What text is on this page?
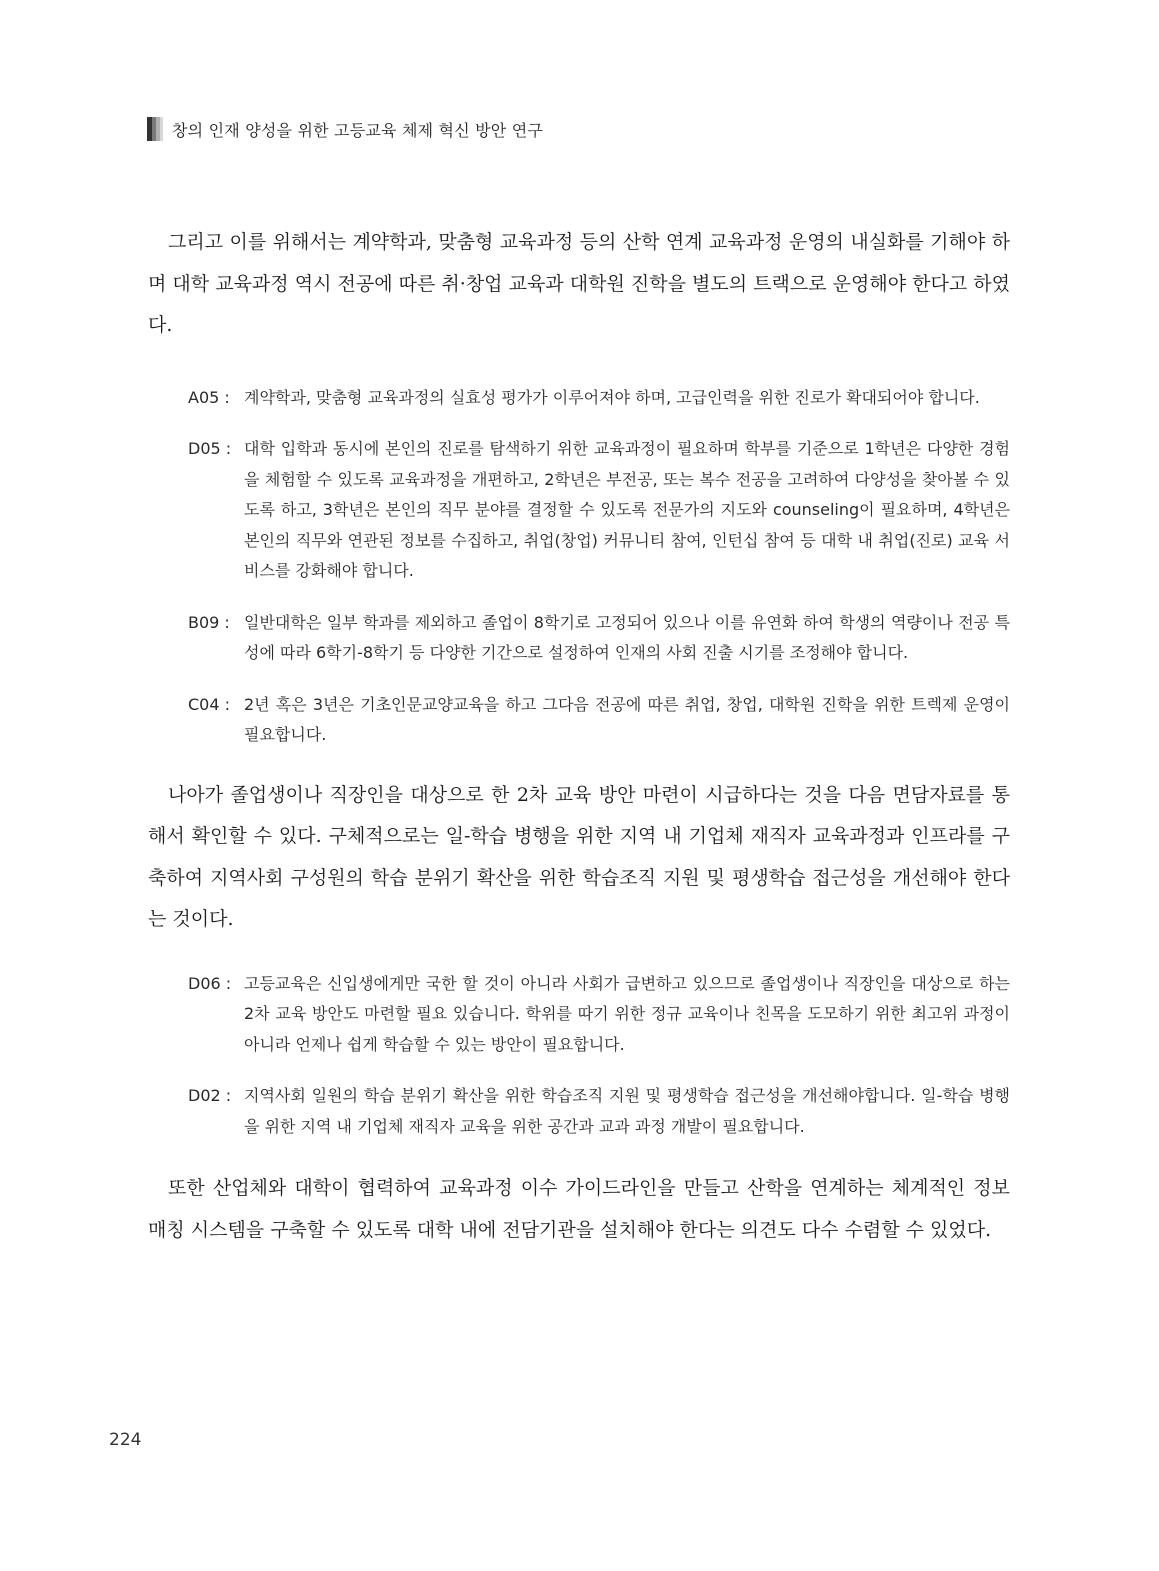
창의 인재 양성을 위한 고등교육 체제 혁신 방안 연구

그리고 이를 위해서는 계약학과, 맞춤형 교육과정 등의 산학 연계 교육과정 운영의 내실화를 기해야 하며 대학 교육과정 역시 전공에 따른 취·창업 교육과 대학원 진학을 별도의 트랙으로 운영해야 한다고 하였다.

A05 : 계약학과, 맞춤형 교육과정의 실효성 평가가 이루어져야 하며, 고급인력을 위한 진로가 확대되어야 합니다.
D05 : 대학 입학과 동시에 본인의 진로를 탐색하기 위한 교육과정이 필요하며 학부를 기준으로 1학년은 다양한 경험을 체험할 수 있도록 교육과정을 개편하고, 2학년은 부전공, 또는 복수 전공을 고려하여 다양성을 찾아볼 수 있도록 하고, 3학년은 본인의 직무 분야를 결정할 수 있도록 전문가의 지도와 counseling이 필요하며, 4학년은 본인의 직무와 연관된 정보를 수집하고, 취업(창업) 커뮤니티 참여, 인턴십 참여 등 대학 내 취업(진로) 교육 서비스를 강화해야 합니다.
B09 : 일반대학은 일부 학과를 제외하고 졸업이 8학기로 고정되어 있으나 이를 유연화 하여 학생의 역량이나 전공 특성에 따라 6학기-8학기 등 다양한 기간으로 설정하여 인재의 사회 진출 시기를 조정해야 합니다.
C04 : 2년 혹은 3년은 기초인문교양교육을 하고 그다음 전공에 따른 취업, 창업, 대학원 진학을 위한 트렉제 운영이 필요합니다.

나아가 졸업생이나 직장인을 대상으로 한 2차 교육 방안 마련이 시급하다는 것을 다음 면담자료를 통해서 확인할 수 있다. 구체적으로는 일-학습 병행을 위한 지역 내 기업체 재직자 교육과정과 인프라를 구축하여 지역사회 구성원의 학습 분위기 확산을 위한 학습조직 지원 및 평생학습 접근성을 개선해야 한다는 것이다.

D06 : 고등교육은 신입생에게만 국한 할 것이 아니라 사회가 급변하고 있으므로 졸업생이나 직장인을 대상으로 하는 2차 교육 방안도 마련할 필요 있습니다. 학위를 따기 위한 정규 교육이나 친목을 도모하기 위한 최고위 과정이 아니라 언제나 쉽게 학습할 수 있는 방안이 필요합니다.
D02 : 지역사회 일원의 학습 분위기 확산을 위한 학습조직 지원 및 평생학습 접근성을 개선해야합니다. 일-학습 병행을 위한 지역 내 기업체 재직자 교육을 위한 공간과 교과 과정 개발이 필요합니다.

또한 산업체와 대학이 협력하여 교육과정 이수 가이드라인을 만들고 산학을 연계하는 체계적인 정보 매칭 시스템을 구축할 수 있도록 대학 내에 전담기관을 설치해야 한다는 의견도 다수 수렴할 수 있었다.

224
